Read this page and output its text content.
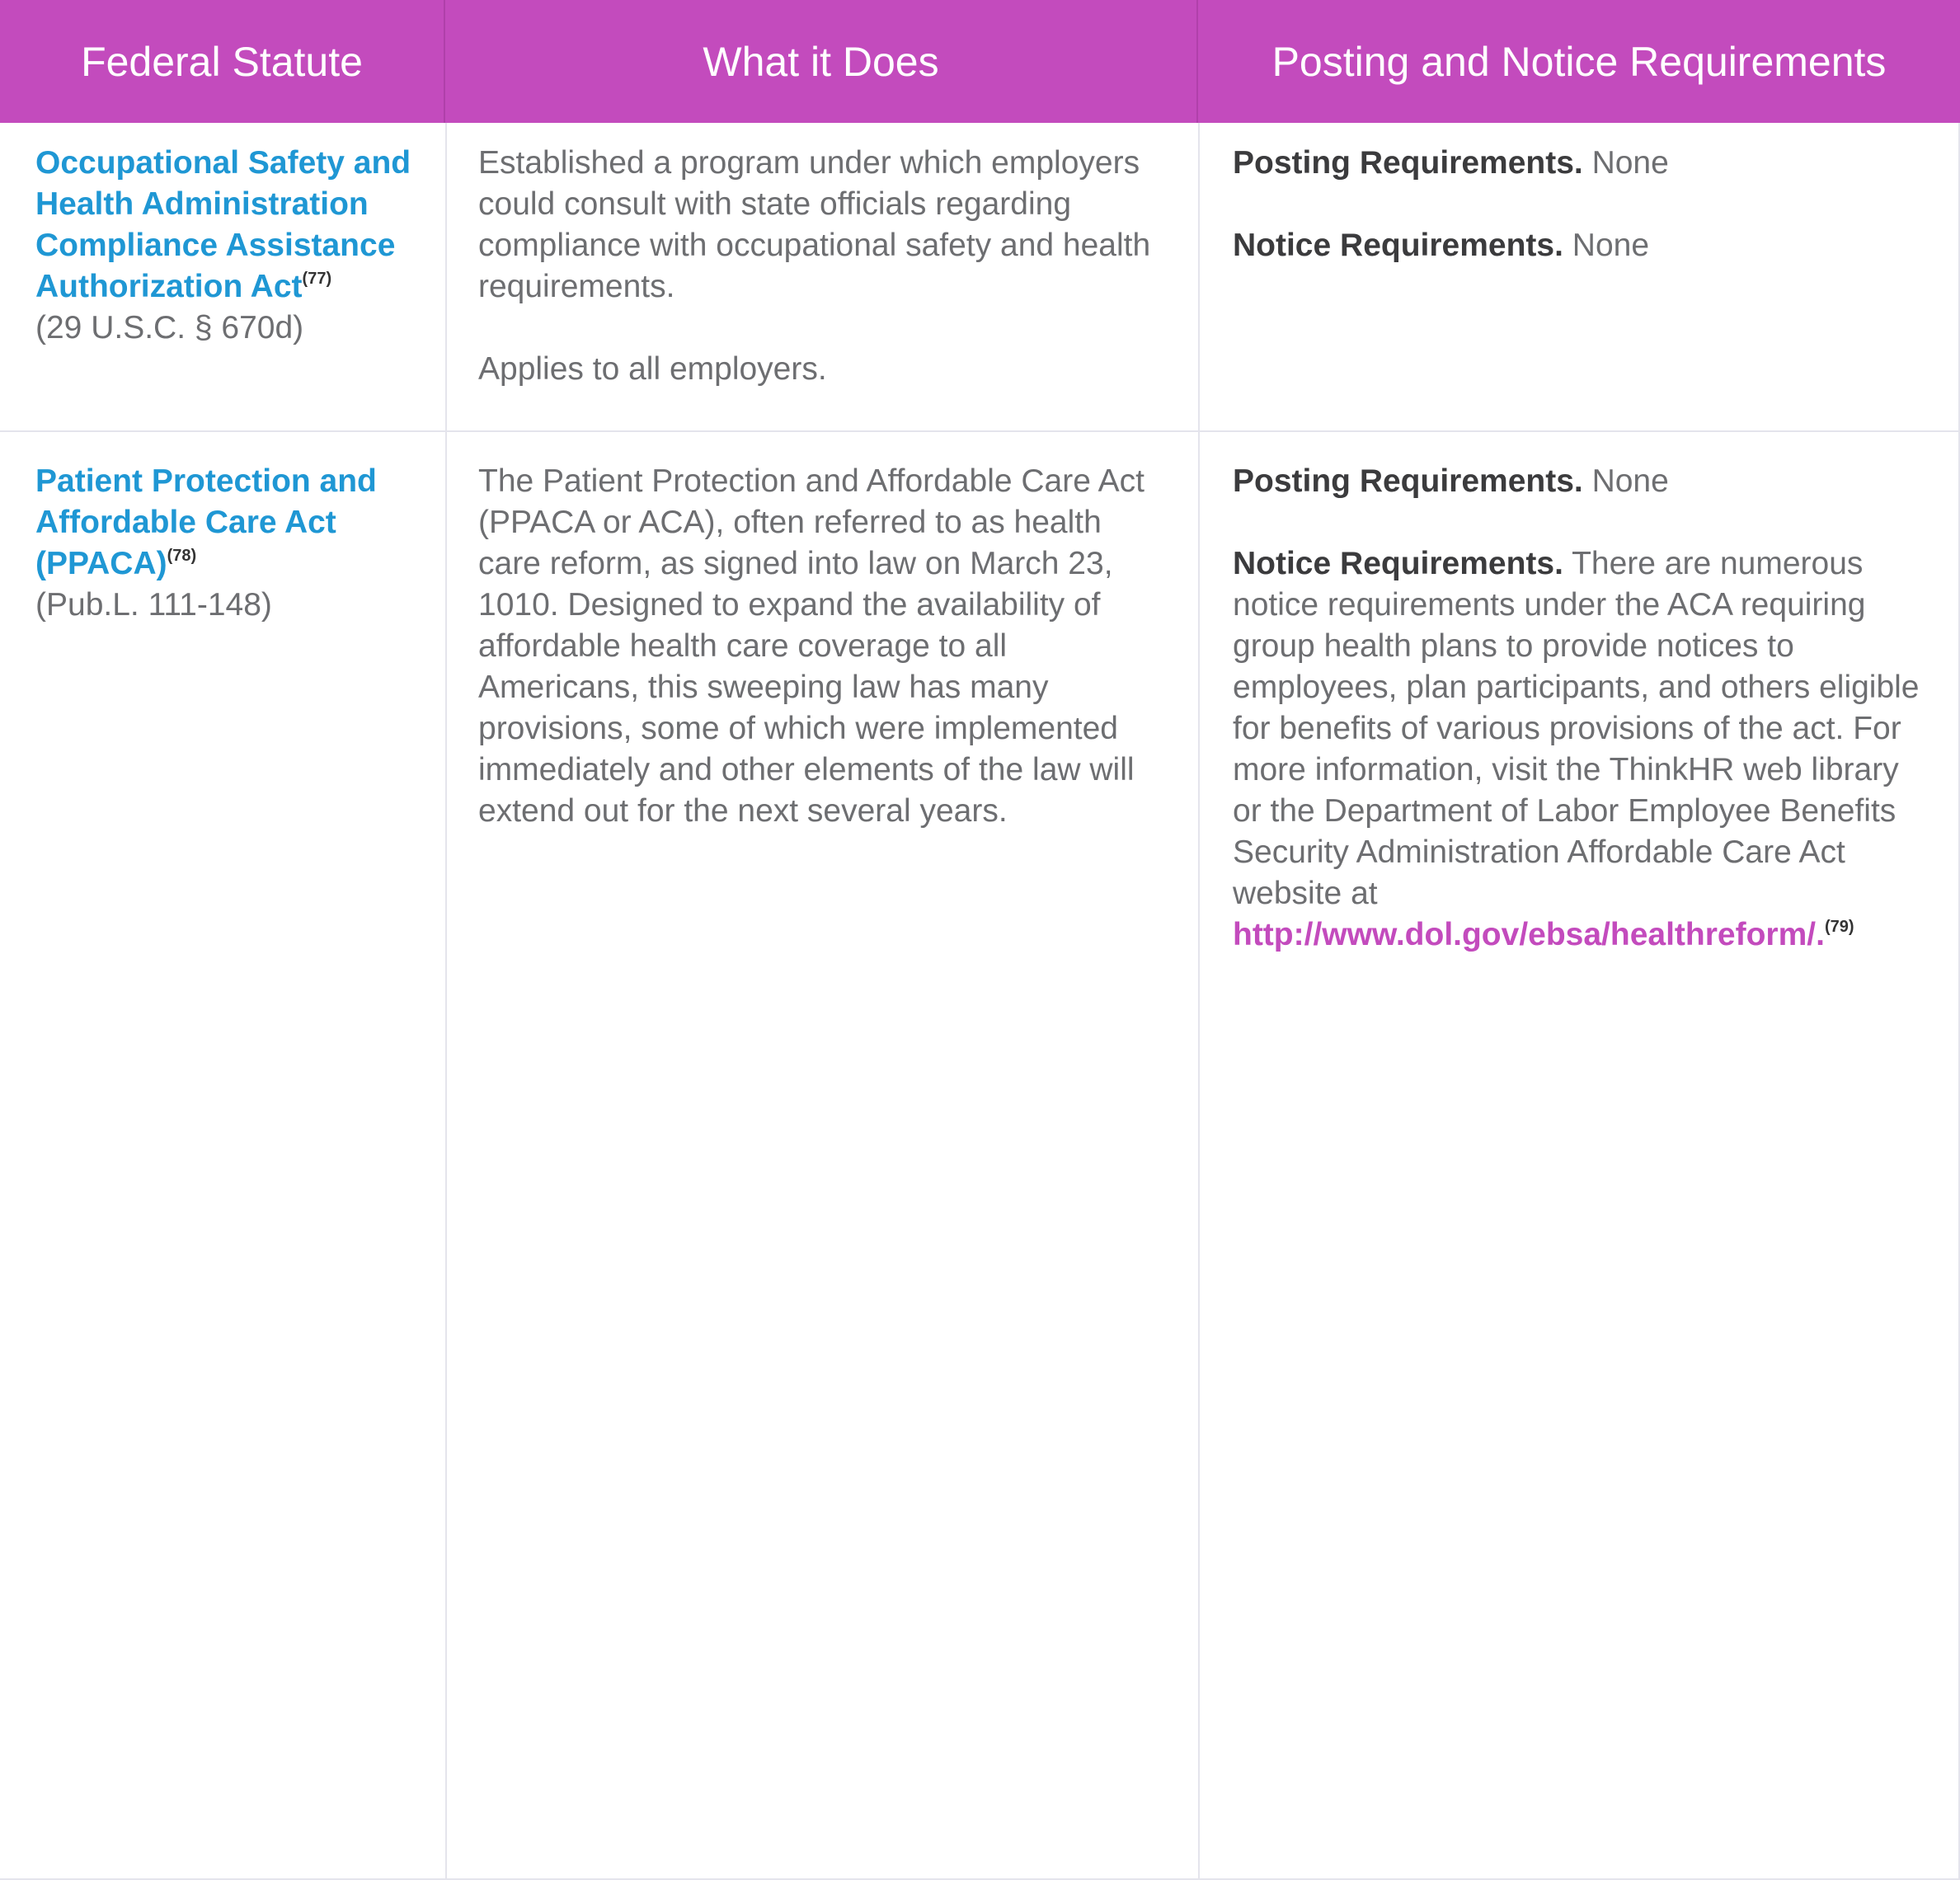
Federal Statute	What it Does	Posting and Notice Requirements
Occupational Safety and Health Administration Compliance Assistance Authorization Act$^{(77)}$
(29 U.S.C. § 670d)

Established a program under which employers could consult with state officials regarding compliance with occupational safety and health requirements.

Applies to all employers.

Posting Requirements. None

Notice Requirements. None

Patient Protection and Affordable Care Act (PPACA)$^{(78)}$
(Pub.L. 111-148)

The Patient Protection and Affordable Care Act (PPACA or ACA), often referred to as health care reform, as signed into law on March 23, 1010. Designed to expand the availability of affordable health care coverage to all Americans, this sweeping law has many provisions, some of which were implemented immediately and other elements of the law will extend out for the next several years.

Posting Requirements. None

Notice Requirements. There are numerous notice requirements under the ACA requiring group health plans to provide notices to employees, plan participants, and others eligible for benefits of various provisions of the act. For more information, visit the ThinkHR web library or the Department of Labor Employee Benefits Security Administration Affordable Care Act website at http://www.dol.gov/ebsa/healthreform/.$^{(79)}$
